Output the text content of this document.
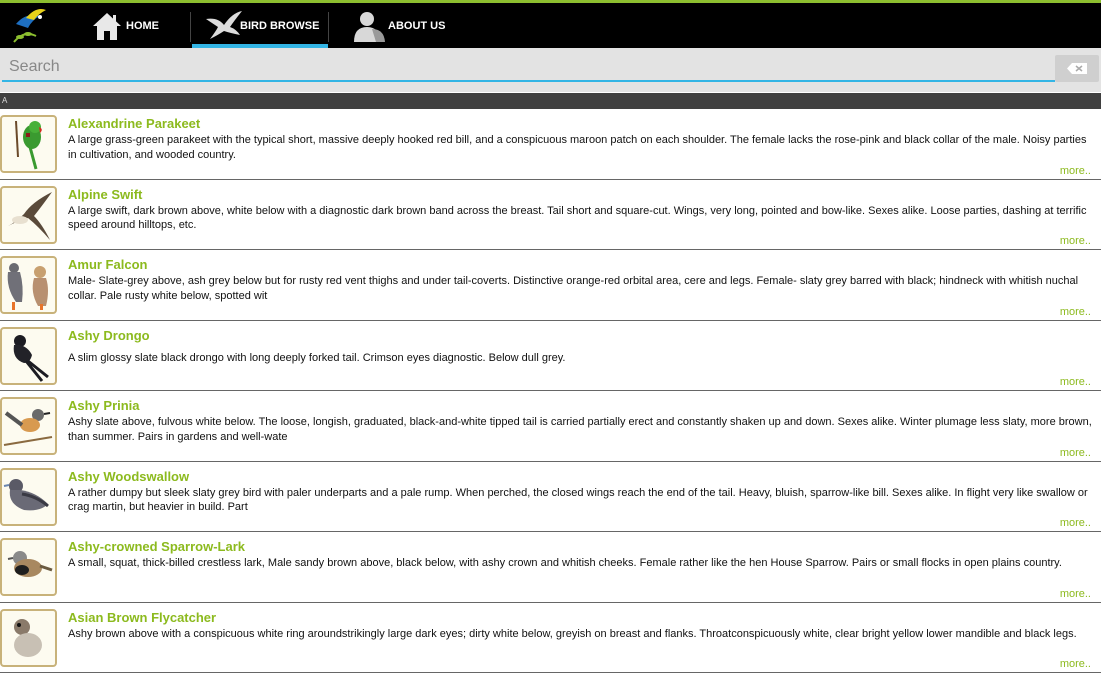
HOME	BIRD BROWSE	ABOUT US
Search
A
Alexandrine Parakeet
A large grass-green parakeet with the typical short, massive deeply hooked red bill, and a conspicuous maroon patch on each shoulder. The female lacks the rose-pink and black collar of the male. Noisy parties in cultivation, and wooded country.
more..
Alpine Swift
A large swift, dark brown above, white below with a diagnostic dark brown band across the breast. Tail short and square-cut. Wings, very long, pointed and bow-like. Sexes alike. Loose parties, dashing at terrific speed around hilltops, etc.
more..
Amur Falcon
Male- Slate-grey above, ash grey below but for rusty red vent thighs and under tail-coverts. Distinctive orange-red orbital area, cere and legs. Female- slaty grey barred with black; hindneck with whitish nuchal collar. Pale rusty white below, spotted wit
more..
Ashy Drongo
A slim glossy slate black drongo with long deeply forked tail. Crimson eyes diagnostic. Below dull grey.
more..
Ashy Prinia
Ashy slate above, fulvous white below. The loose, longish, graduated, black-and-white tipped tail is carried partially erect and constantly shaken up and down. Sexes alike. Winter plumage less slaty, more brown, than summer. Pairs in gardens and well-wate
more..
Ashy Woodswallow
A rather dumpy but sleek slaty grey bird with paler underparts and a pale rump. When perched, the closed wings reach the end of the tail. Heavy, bluish, sparrow-like bill. Sexes alike. In flight very like swallow or crag martin, but heavier in build. Part
more..
Ashy-crowned Sparrow-Lark
A small, squat, thick-billed crestless lark, Male sandy brown above, black below, with ashy crown and whitish cheeks. Female rather like the hen House Sparrow. Pairs or small flocks in open plains country.
more..
Asian Brown Flycatcher
Ashy brown above with a conspicuous white ring aroundstrikingly large dark eyes; dirty white below, greyish on breast and flanks. Throatconspicuously white, clear bright yellow lower mandible and black legs.
more..
